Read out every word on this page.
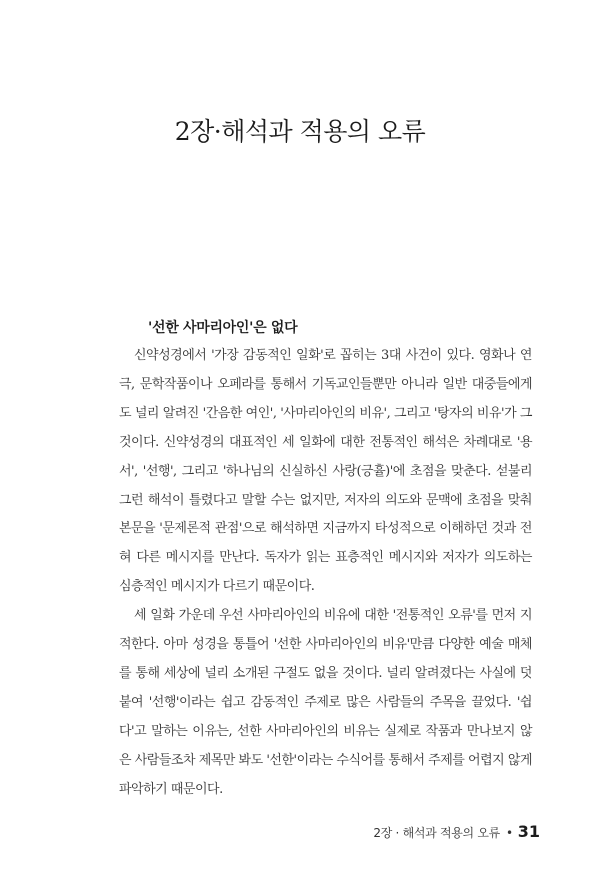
2장·해석과 적용의 오류
'선한 사마리아인'은 없다

신약성경에서 '가장 감동적인 일화'로 꼽히는 3대 사건이 있다. 영화나 연극, 문학작품이나 오페라를 통해서 기독교인들뿐만 아니라 일반 대중들에게도 널리 알려진 '간음한 여인', '사마리아인의 비유', 그리고 '탕자의 비유'가 그것이다. 신약성경의 대표적인 세 일화에 대한 전통적인 해석은 차례대로 '용서', '선행', 그리고 '하나님의 신실하신 사랑(긍휼)'에 초점을 맞춘다. 섣불리 그런 해석이 틀렸다고 말할 수는 없지만, 저자의 의도와 문맥에 초점을 맞춰 본문을 '문제론적 관점'으로 해석하면 지금까지 타성적으로 이해하던 것과 전혀 다른 메시지를 만난다. 독자가 읽는 표층적인 메시지와 저자가 의도하는 심층적인 메시지가 다르기 때문이다.

세 일화 가운데 우선 사마리아인의 비유에 대한 '전통적인 오류'를 먼저 지적한다. 아마 성경을 통틀어 '선한 사마리아인의 비유'만큼 다양한 예술 매체를 통해 세상에 널리 소개된 구절도 없을 것이다. 널리 알려졌다는 사실에 덧붙여 '선행'이라는 쉽고 감동적인 주제로 많은 사람들의 주목을 끌었다. '쉽다'고 말하는 이유는, 선한 사마리아인의 비유는 실제로 작품과 만나보지 않은 사람들조차 제목만 봐도 '선한'이라는 수식어를 통해서 주제를 어렵지 않게 파악하기 때문이다.

2장 · 해석과 적용의 오류 • 31
